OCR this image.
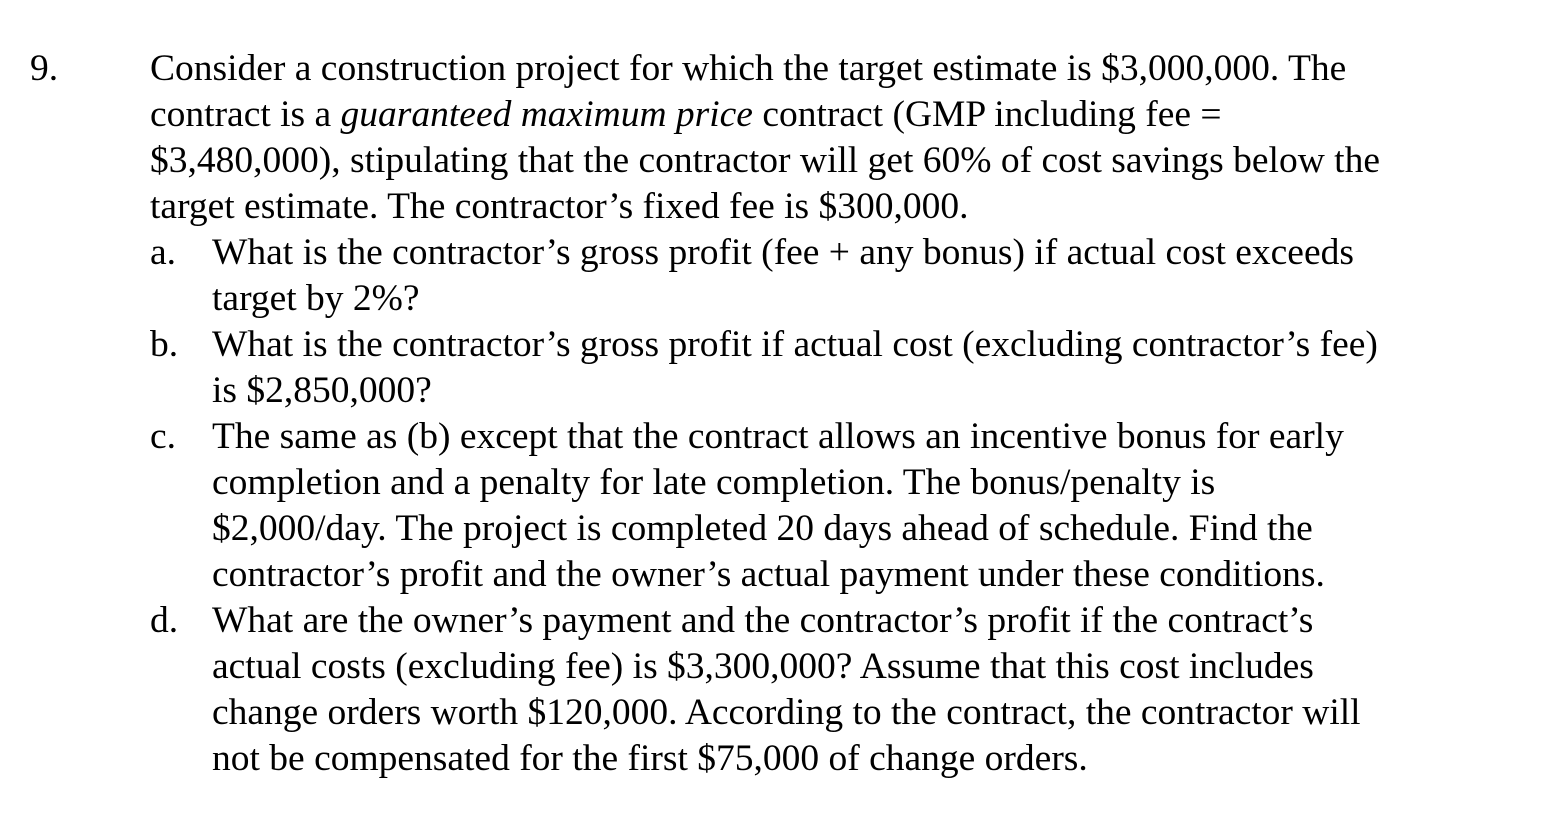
9. Consider a construction project for which the target estimate is $3,000,000. The
contract is a guaranteed maximum price contract (GMP including fee =
$3,480,000), stipulating that the contractor will get 60% of cost savings below the
target estimate. The contractor’s fixed fee is $300,000.
a. What is the contractor’s gross profit (fee + any bonus) if actual cost exceeds
target by 2%?
b. What is the contractor’s gross profit if actual cost (excluding contractor’s fee)
is $2,850,000?
c. The same as (b) except that the contract allows an incentive bonus for early
completion and a penalty for late completion. The bonus/penalty is
$2,000/day. The project is completed 20 days ahead of schedule. Find the
contractor’s profit and the owner’s actual payment under these conditions.
d. What are the owner’s payment and the contractor’s profit if the contract’s
actual costs (excluding fee) is $3,300,000? Assume that this cost includes
change orders worth $120,000. According to the contract, the contractor will
not be compensated for the first $75,000 of change orders.
